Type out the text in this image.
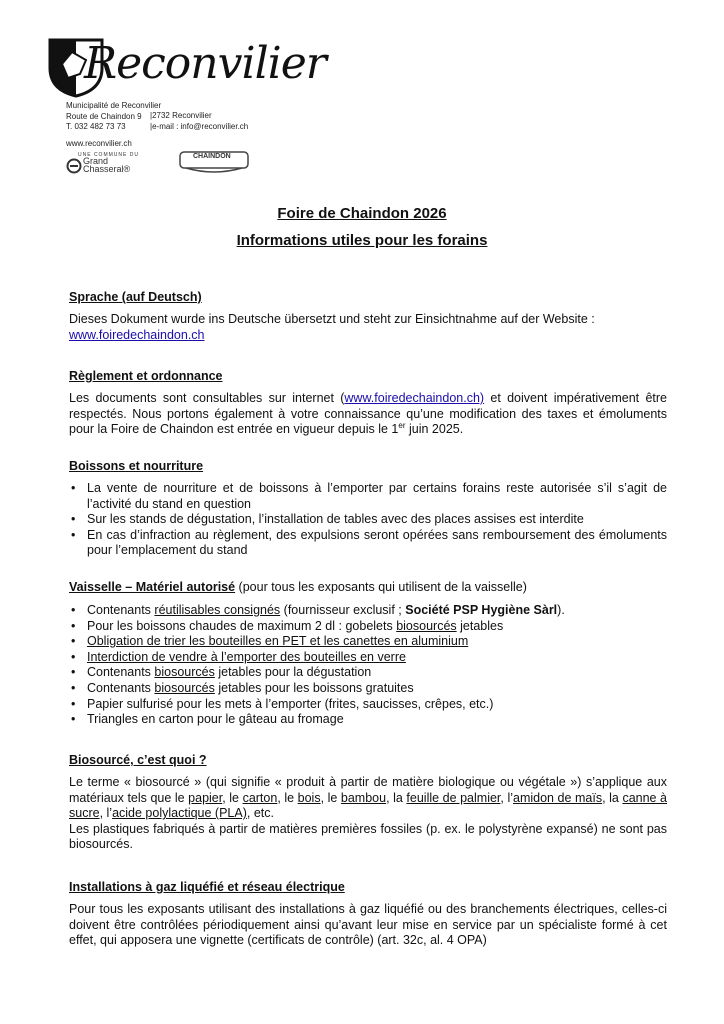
Reconvilier
Municipalité de Reconvilier
Route de Chaindon 9
T. 032 482 73 73
|2732 Reconvilier
|e-mail : info@reconvilier.ch
www.reconvilier.ch
UNE COMMUNE DU
Grand
Chasseral®
CHAINDON
Foire de Chaindon 2026
Informations utiles pour les forains
Sprache (auf Deutsch)
Dieses Dokument wurde ins Deutsche übersetzt und steht zur Einsichtnahme auf der Website :
www.foiredechaindon.ch
Règlement et ordonnance
Les documents sont consultables sur internet (www.foiredechaindon.ch) et doivent impérativement être respectés. Nous portons également à votre connaissance qu’une modification des taxes et émoluments pour la Foire de Chaindon est entrée en vigueur depuis le 1er juin 2025.
Boissons et nourriture
• La vente de nourriture et de boissons à l’emporter par certains forains reste autorisée s’il s’agit de l’activité du stand en question
• Sur les stands de dégustation, l’installation de tables avec des places assises est interdite
• En cas d’infraction au règlement, des expulsions seront opérées sans remboursement des émoluments pour l’emplacement du stand
Vaisselle – Matériel autorisé (pour tous les exposants qui utilisent de la vaisselle)
• Contenants réutilisables consignés (fournisseur exclusif ; Société PSP Hygiène Sàrl).
• Pour les boissons chaudes de maximum 2 dl : gobelets biosourcés jetables
• Obligation de trier les bouteilles en PET et les canettes en aluminium
• Interdiction de vendre à l’emporter des bouteilles en verre
• Contenants biosourcés jetables pour la dégustation
• Contenants biosourcés jetables pour les boissons gratuites
• Papier sulfurisé pour les mets à l’emporter (frites, saucisses, crêpes, etc.)
• Triangles en carton pour le gâteau au fromage
Biosourcé, c’est quoi ?
Le terme « biosourcé » (qui signifie « produit à partir de matière biologique ou végétale ») s’applique aux matériaux tels que le papier, le carton, le bois, le bambou, la feuille de palmier, l’amidon de maïs, la canne à sucre, l’acide polylactique (PLA), etc.
Les plastiques fabriqués à partir de matières premières fossiles (p. ex. le polystyrène expansé) ne sont pas biosourcés.
Installations à gaz liquéfié et réseau électrique
Pour tous les exposants utilisant des installations à gaz liquéfié ou des branchements électriques, celles-ci doivent être contrôlées périodiquement ainsi qu’avant leur mise en service par un spécialiste formé à cet effet, qui apposera une vignette (certificats de contrôle) (art. 32c, al. 4 OPA)
